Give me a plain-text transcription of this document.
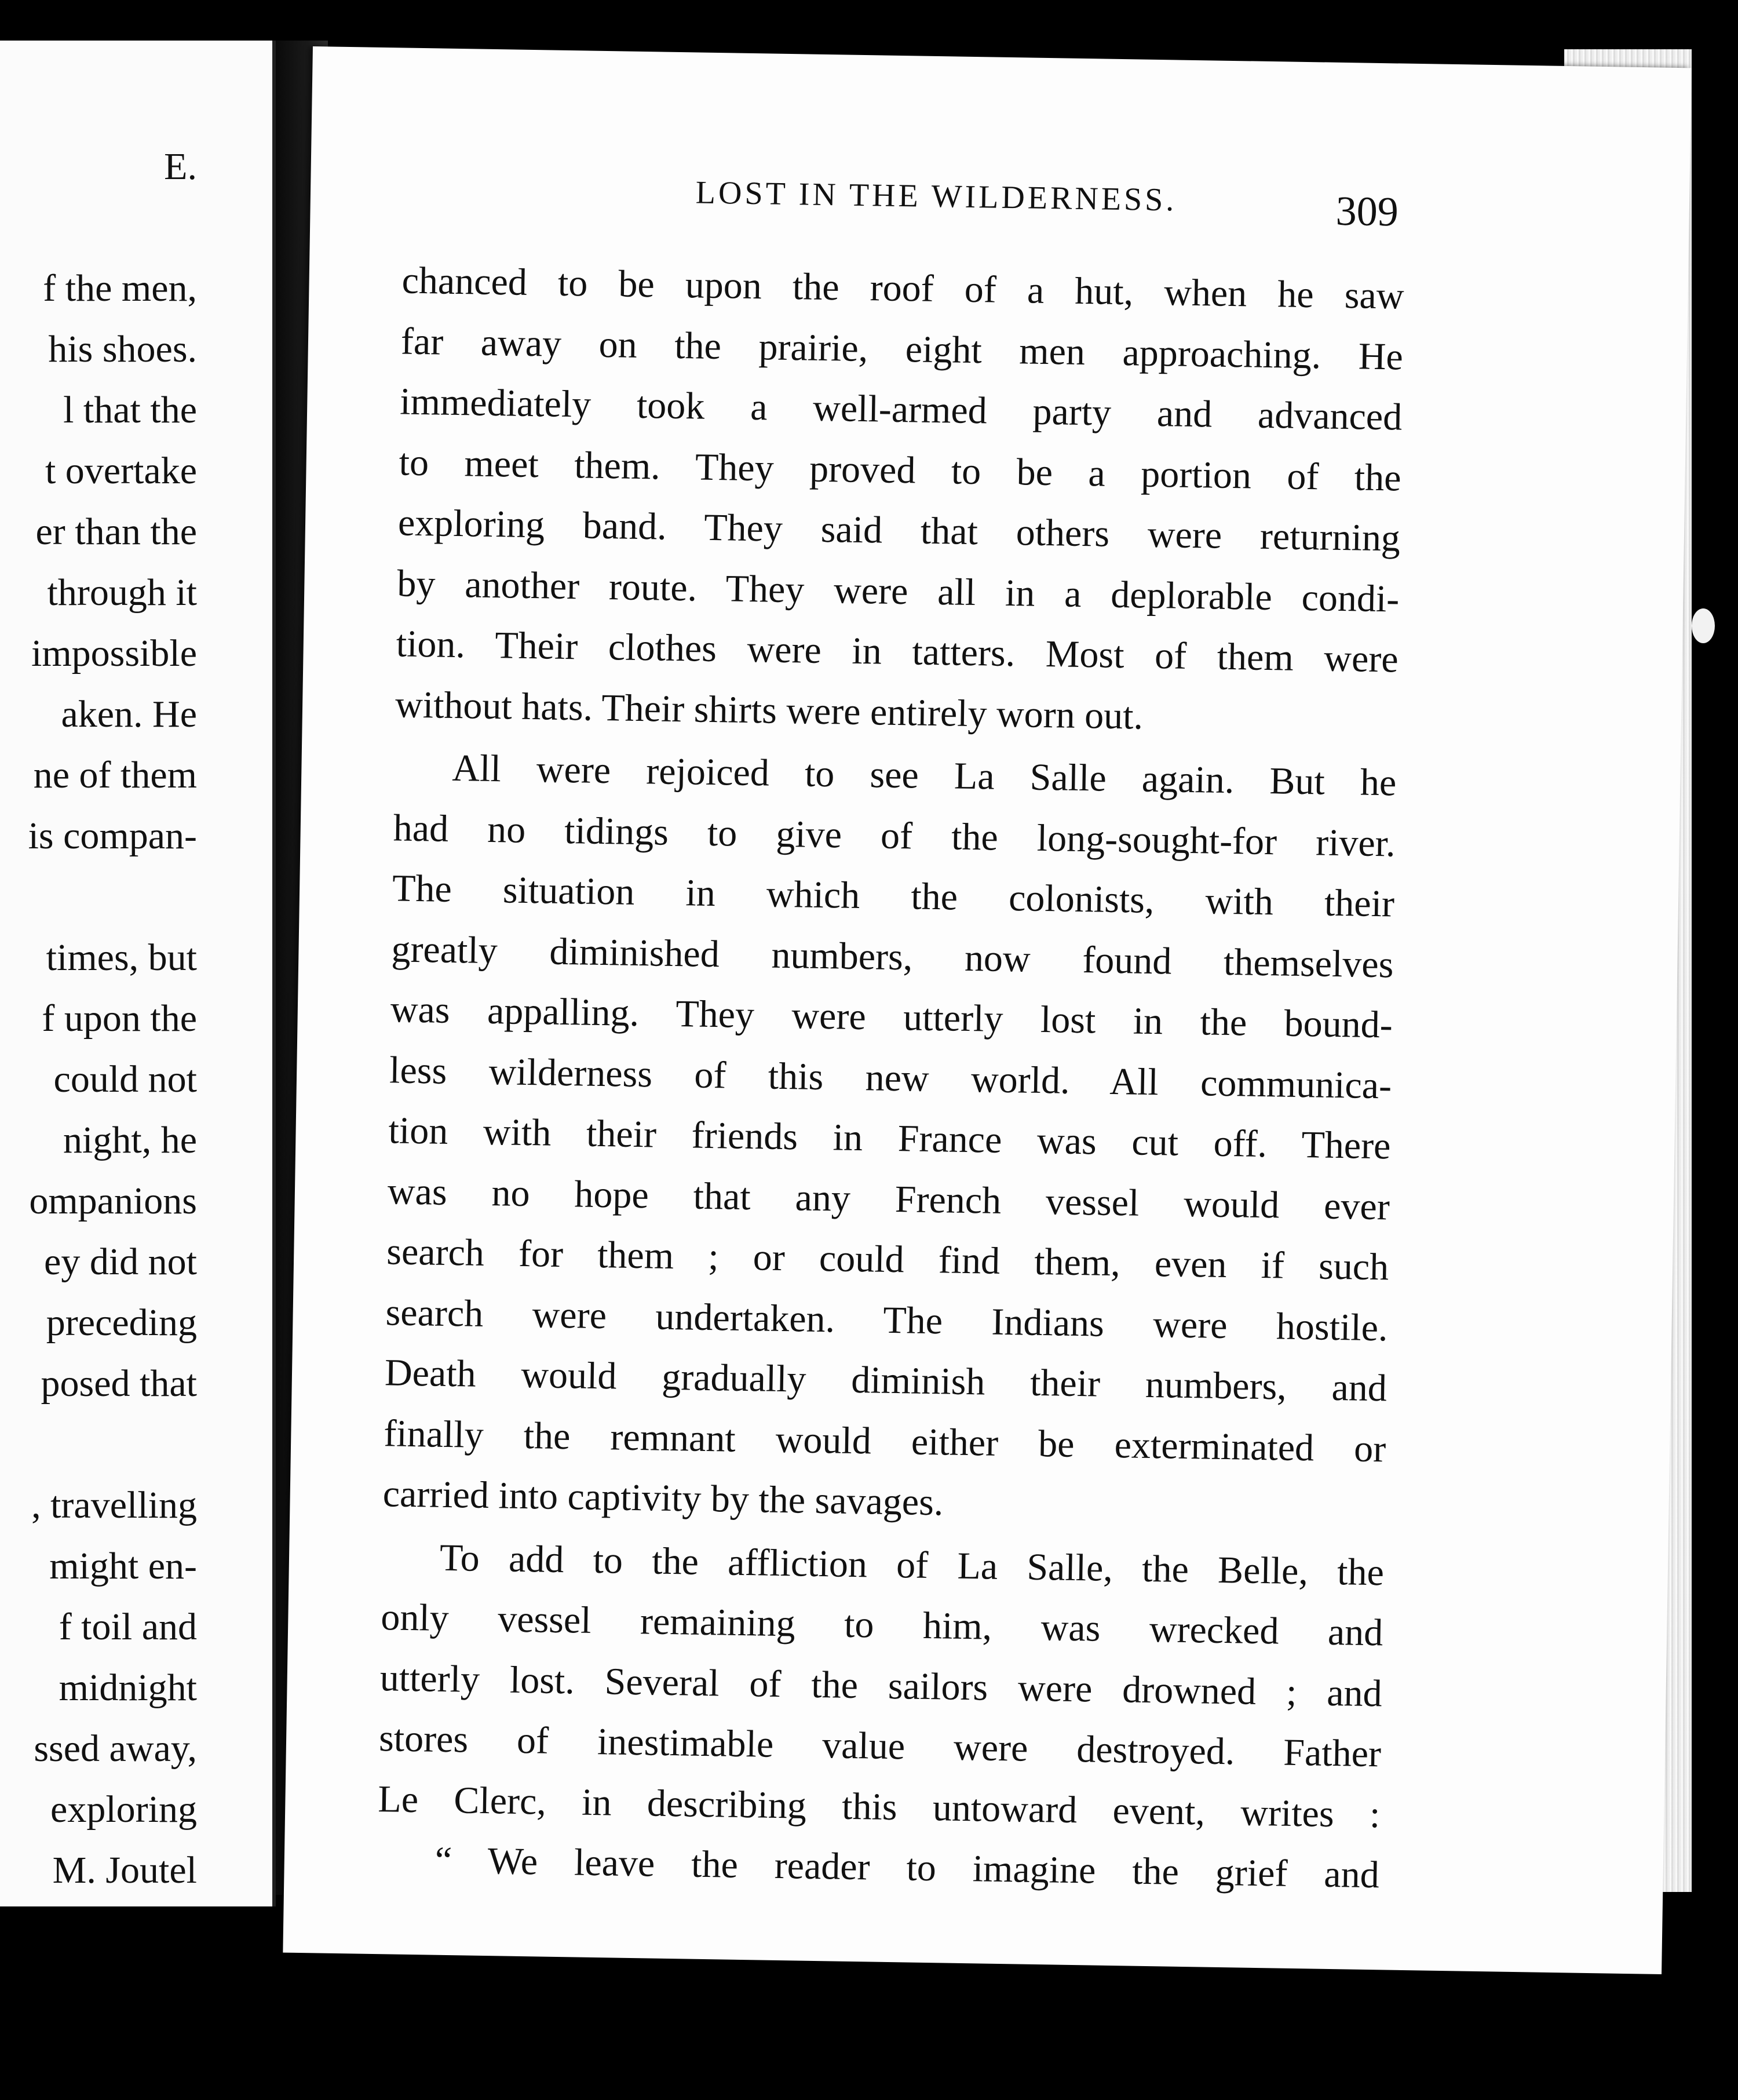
E.
f the men,
his shoes.
l that the
t overtake
er than the
through it
impossible
aken. He
ne of them
is compan-
times, but
f upon the
could not
night, he
ompanions
ey did not
preceding
posed that
, travelling
might en-
f toil and
midnight
ssed away,
exploring
M. Joutel
LOST IN THE WILDERNESS.	309
chanced to be upon the roof of a hut, when he saw
far away on the prairie, eight men approaching. He
immediately took a well-armed party and advanced
to meet them. They proved to be a portion of the
exploring band. They said that others were returning
by another route. They were all in a deplorable condi-
tion. Their clothes were in tatters. Most of them were
without hats. Their shirts were entirely worn out.
All were rejoiced to see La Salle again. But he
had no tidings to give of the long-sought-for river.
The situation in which the colonists, with their
greatly diminished numbers, now found themselves
was appalling. They were utterly lost in the bound-
less wilderness of this new world. All communica-
tion with their friends in France was cut off. There
was no hope that any French vessel would ever
search for them ; or could find them, even if such
search were undertaken. The Indians were hostile.
Death would gradually diminish their numbers, and
finally the remnant would either be exterminated or
carried into captivity by the savages.
To add to the affliction of La Salle, the Belle, the
only vessel remaining to him, was wrecked and
utterly lost. Several of the sailors were drowned ; and
stores of inestimable value were destroyed. Father
Le Clerc, in describing this untoward event, writes :
“ We leave the reader to imagine the grief and
